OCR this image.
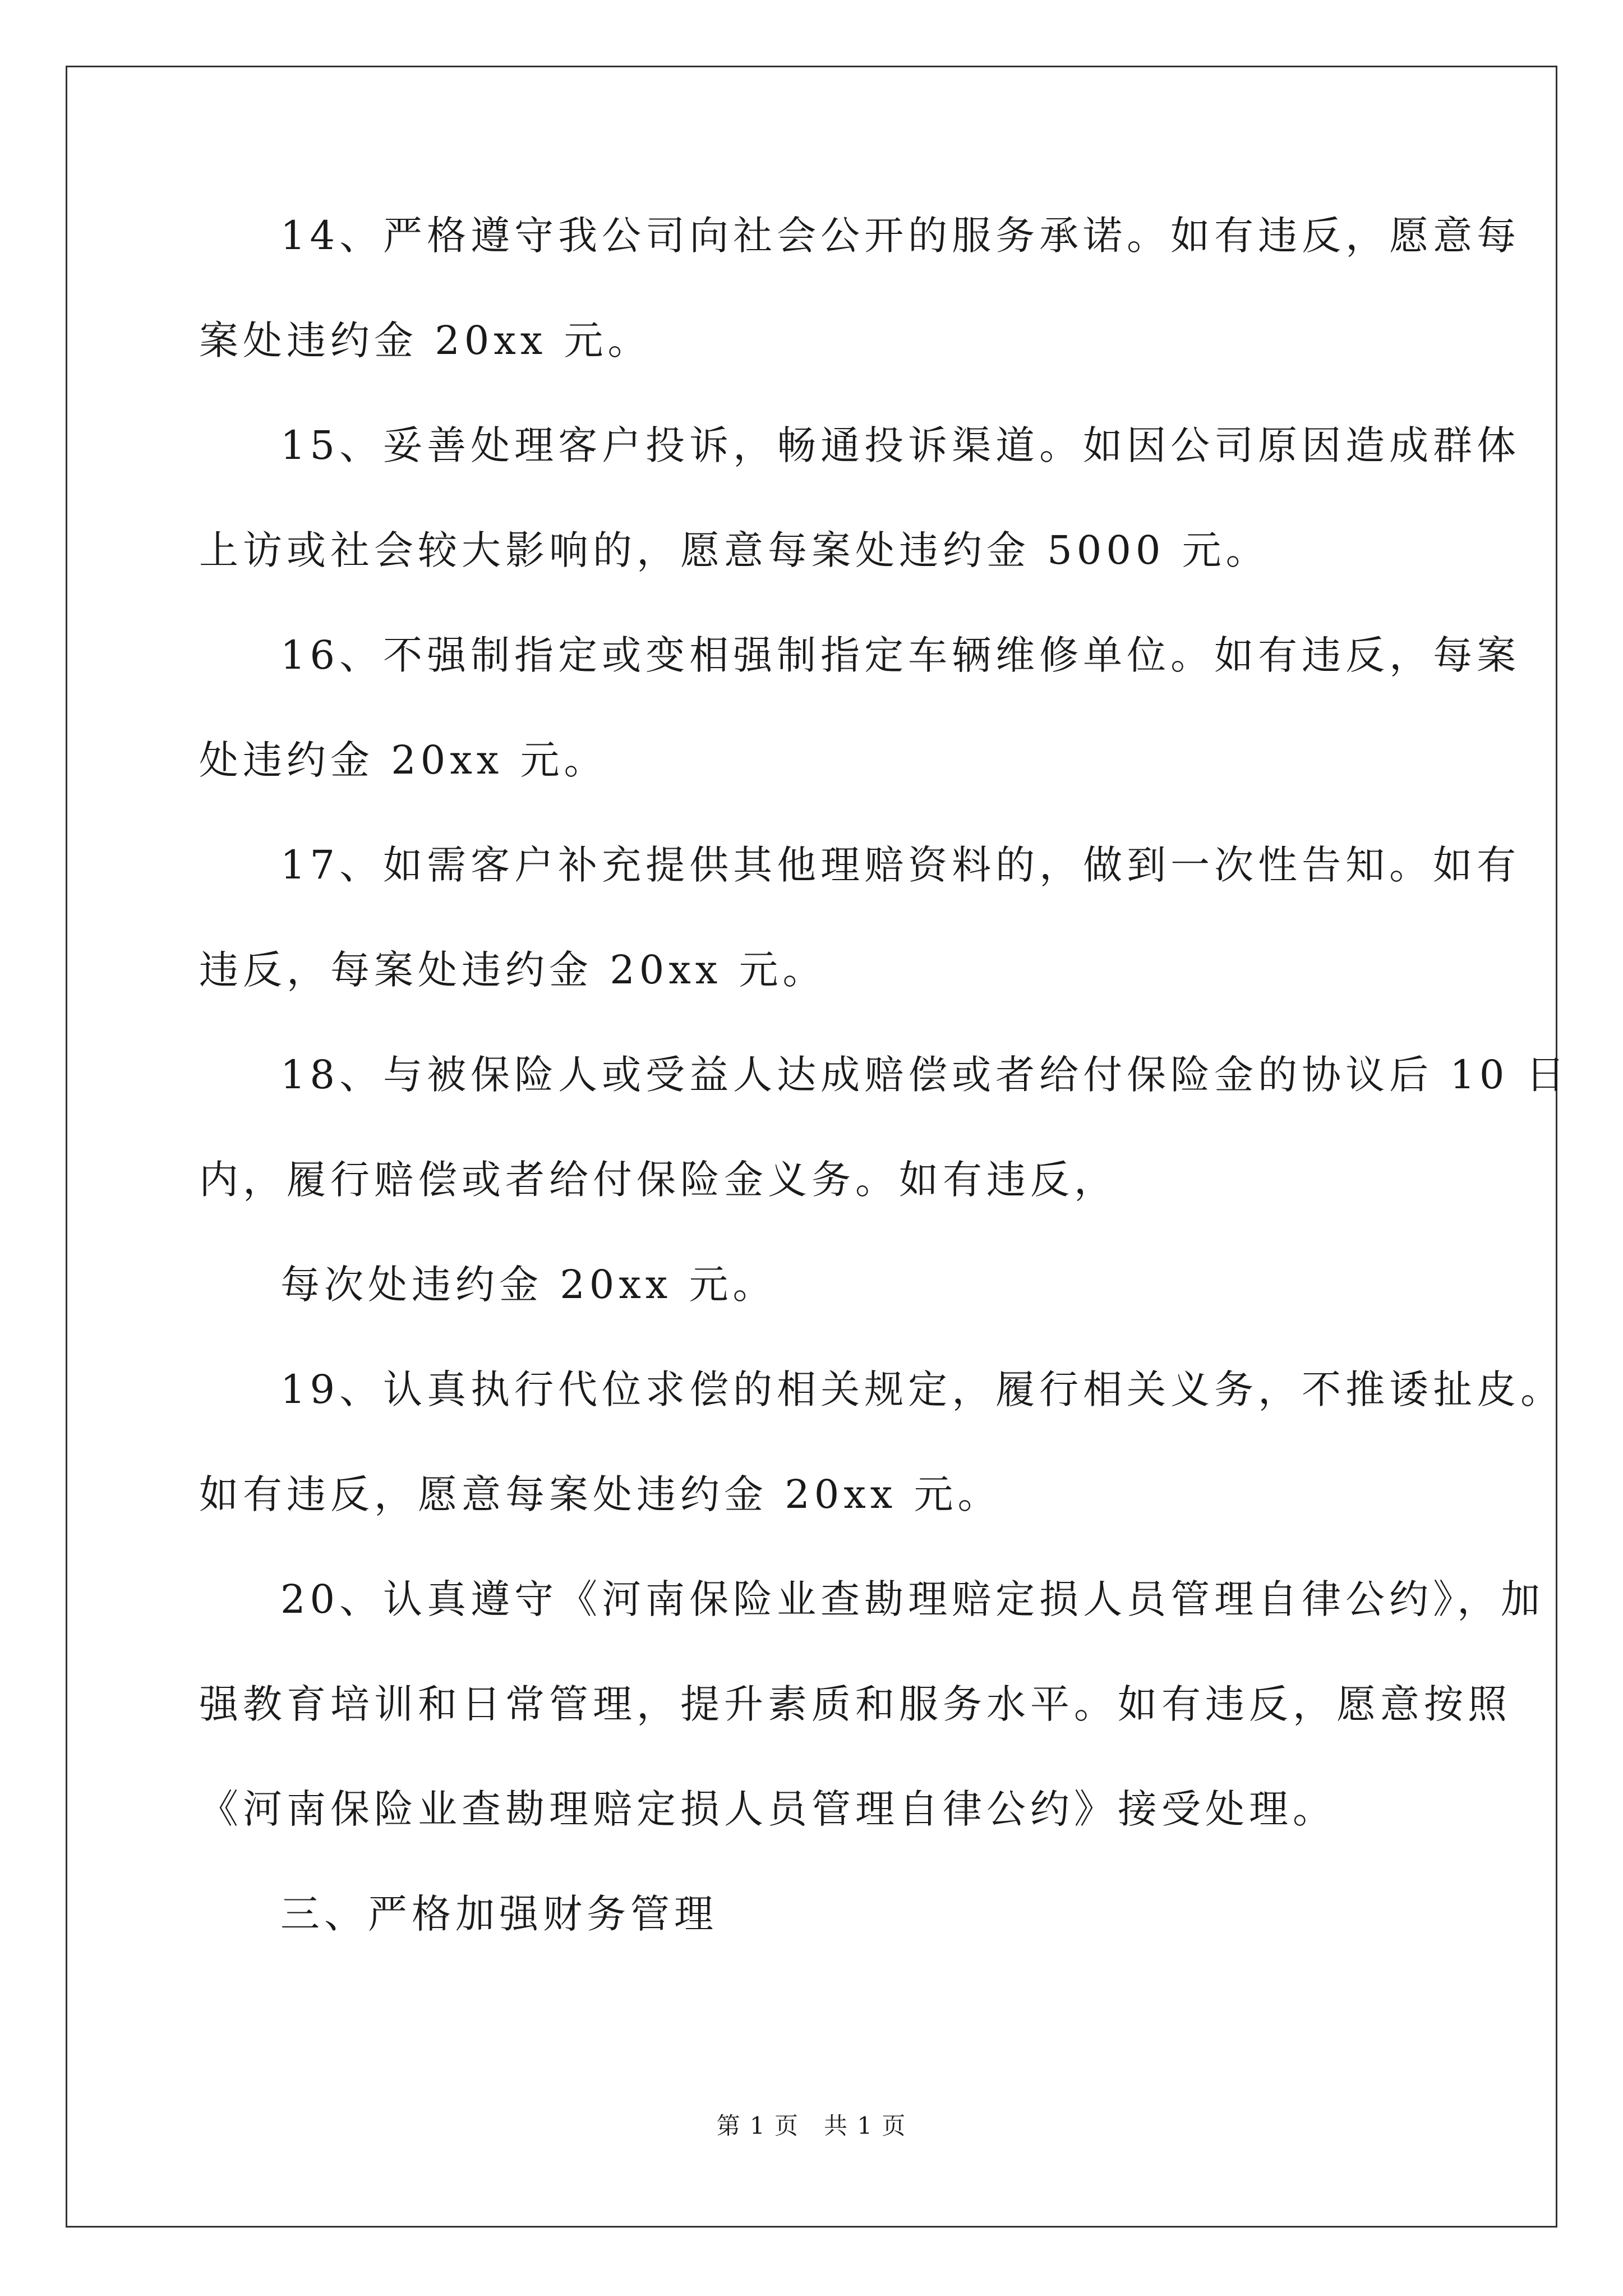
14、严格遵守我公司向社会公开的服务承诺。如有违反，愿意每
案处违约金 20xx 元。
15、妥善处理客户投诉，畅通投诉渠道。如因公司原因造成群体
上访或社会较大影响的，愿意每案处违约金 5000 元。
16、不强制指定或变相强制指定车辆维修单位。如有违反，每案
处违约金 20xx 元。
17、如需客户补充提供其他理赔资料的，做到一次性告知。如有
违反，每案处违约金 20xx 元。
18、与被保险人或受益人达成赔偿或者给付保险金的协议后 10 日
内，履行赔偿或者给付保险金义务。如有违反，
每次处违约金 20xx 元。
19、认真执行代位求偿的相关规定，履行相关义务，不推诿扯皮。
如有违反，愿意每案处违约金 20xx 元。
20、认真遵守《河南保险业查勘理赔定损人员管理自律公约》，加
强教育培训和日常管理，提升素质和服务水平。如有违反，愿意按照
《河南保险业查勘理赔定损人员管理自律公约》接受处理。
三、严格加强财务管理
第 1 页　共 1 页
